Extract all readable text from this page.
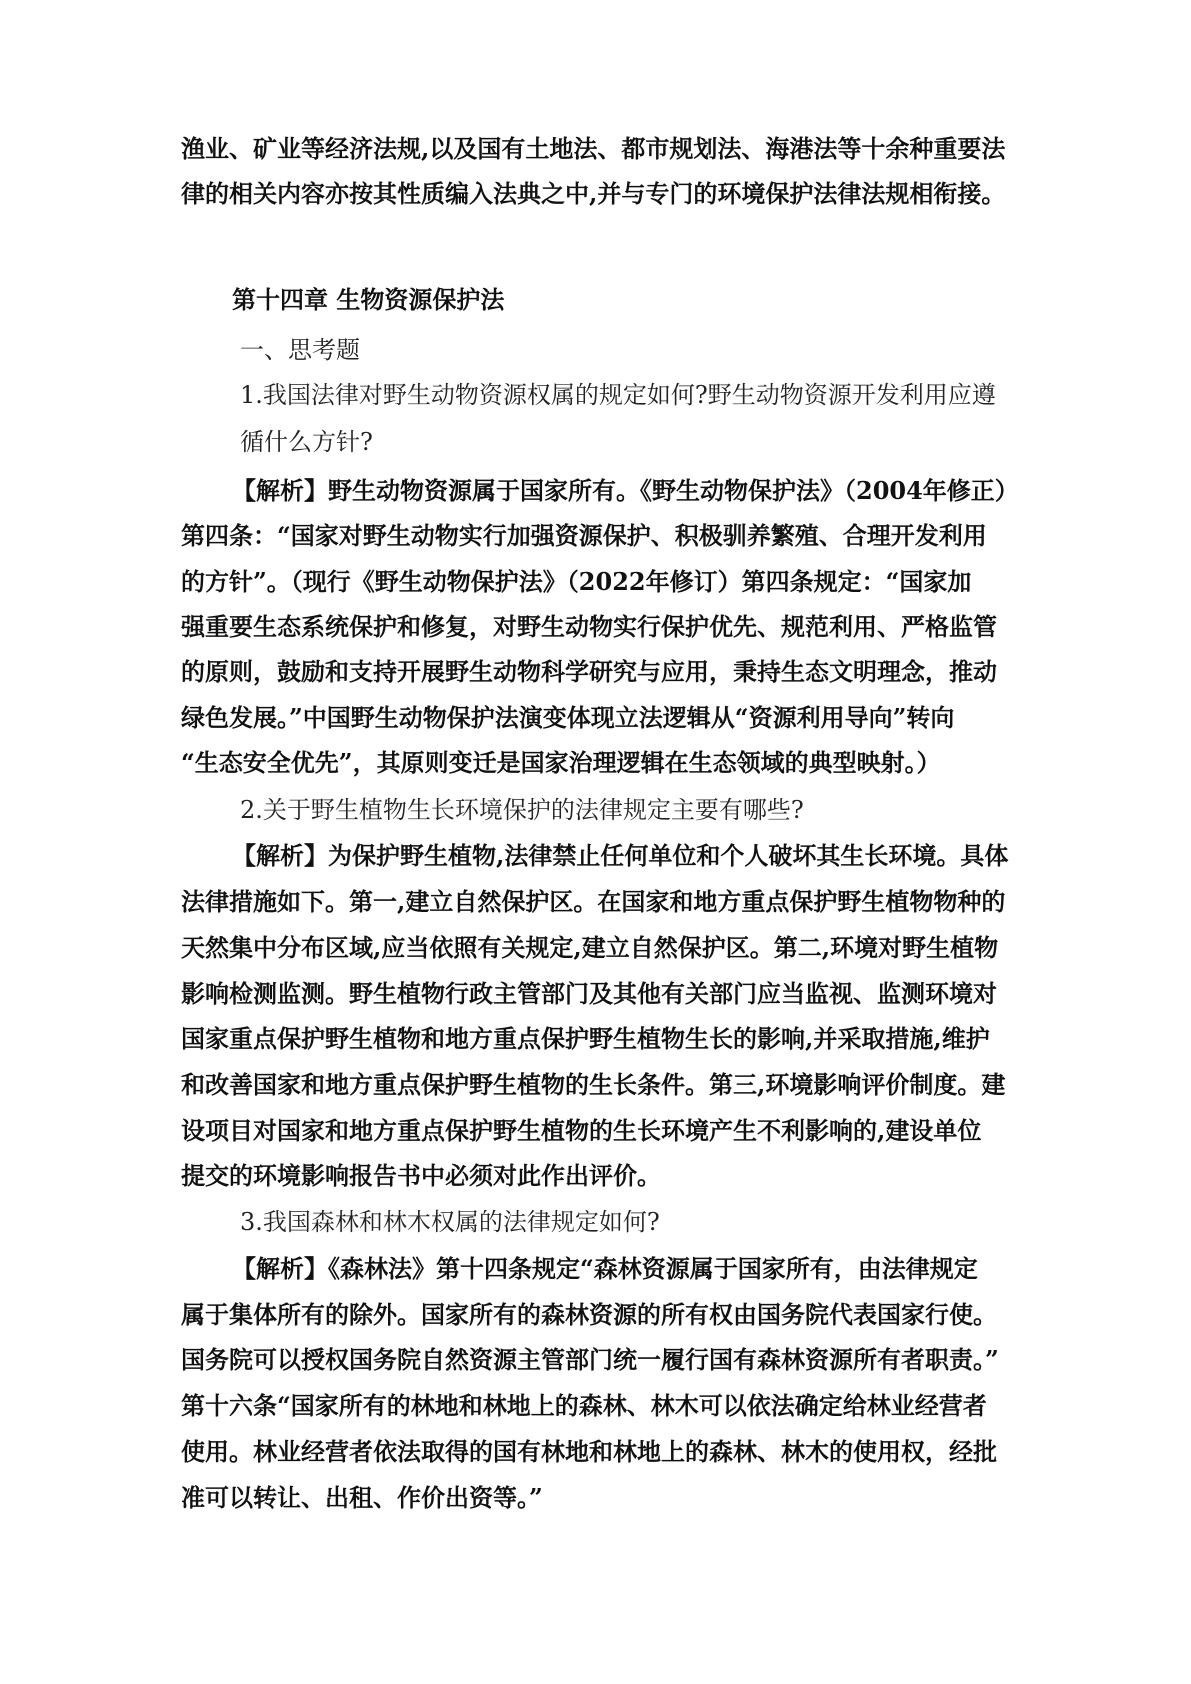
渔业、矿业等经济法规,以及国有土地法、都市规划法、海港法等十余种重要法
律的相关内容亦按其性质编入法典之中,并与专门的环境保护法律法规相衔接。
第十四章 生物资源保护法
一、思考题
1.我国法律对野生动物资源权属的规定如何?野生动物资源开发利用应遵
循什么方针?
【解析】野生动物资源属于国家所有。《野生动物保护法》（2004年修正）
第四条：“国家对野生动物实行加强资源保护、积极驯养繁殖、合理开发利用
的方针”。（现行《野生动物保护法》（2022年修订）第四条规定：“国家加
强重要生态系统保护和修复，对野生动物实行保护优先、规范利用、严格监管
的原则，鼓励和支持开展野生动物科学研究与应用，秉持生态文明理念，推动
绿色发展。”中国野生动物保护法演变体现立法逻辑从“资源利用导向”转向
“生态安全优先”，其原则变迁是国家治理逻辑在生态领域的典型映射。）
2.关于野生植物生长环境保护的法律规定主要有哪些?
【解析】为保护野生植物,法律禁止任何单位和个人破坏其生长环境。具体
法律措施如下。第一,建立自然保护区。在国家和地方重点保护野生植物物种的
天然集中分布区域,应当依照有关规定,建立自然保护区。第二,环境对野生植物
影响检测监测。野生植物行政主管部门及其他有关部门应当监视、监测环境对
国家重点保护野生植物和地方重点保护野生植物生长的影响,并采取措施,维护
和改善国家和地方重点保护野生植物的生长条件。第三,环境影响评价制度。建
设项目对国家和地方重点保护野生植物的生长环境产生不利影响的,建设单位
提交的环境影响报告书中必须对此作出评价。
3.我国森林和林木权属的法律规定如何?
【解析】《森林法》第十四条规定“森林资源属于国家所有，由法律规定
属于集体所有的除外。国家所有的森林资源的所有权由国务院代表国家行使。
国务院可以授权国务院自然资源主管部门统一履行国有森林资源所有者职责。”
第十六条“国家所有的林地和林地上的森林、林木可以依法确定给林业经营者
使用。林业经营者依法取得的国有林地和林地上的森林、林木的使用权，经批
准可以转让、出租、作价出资等。”
